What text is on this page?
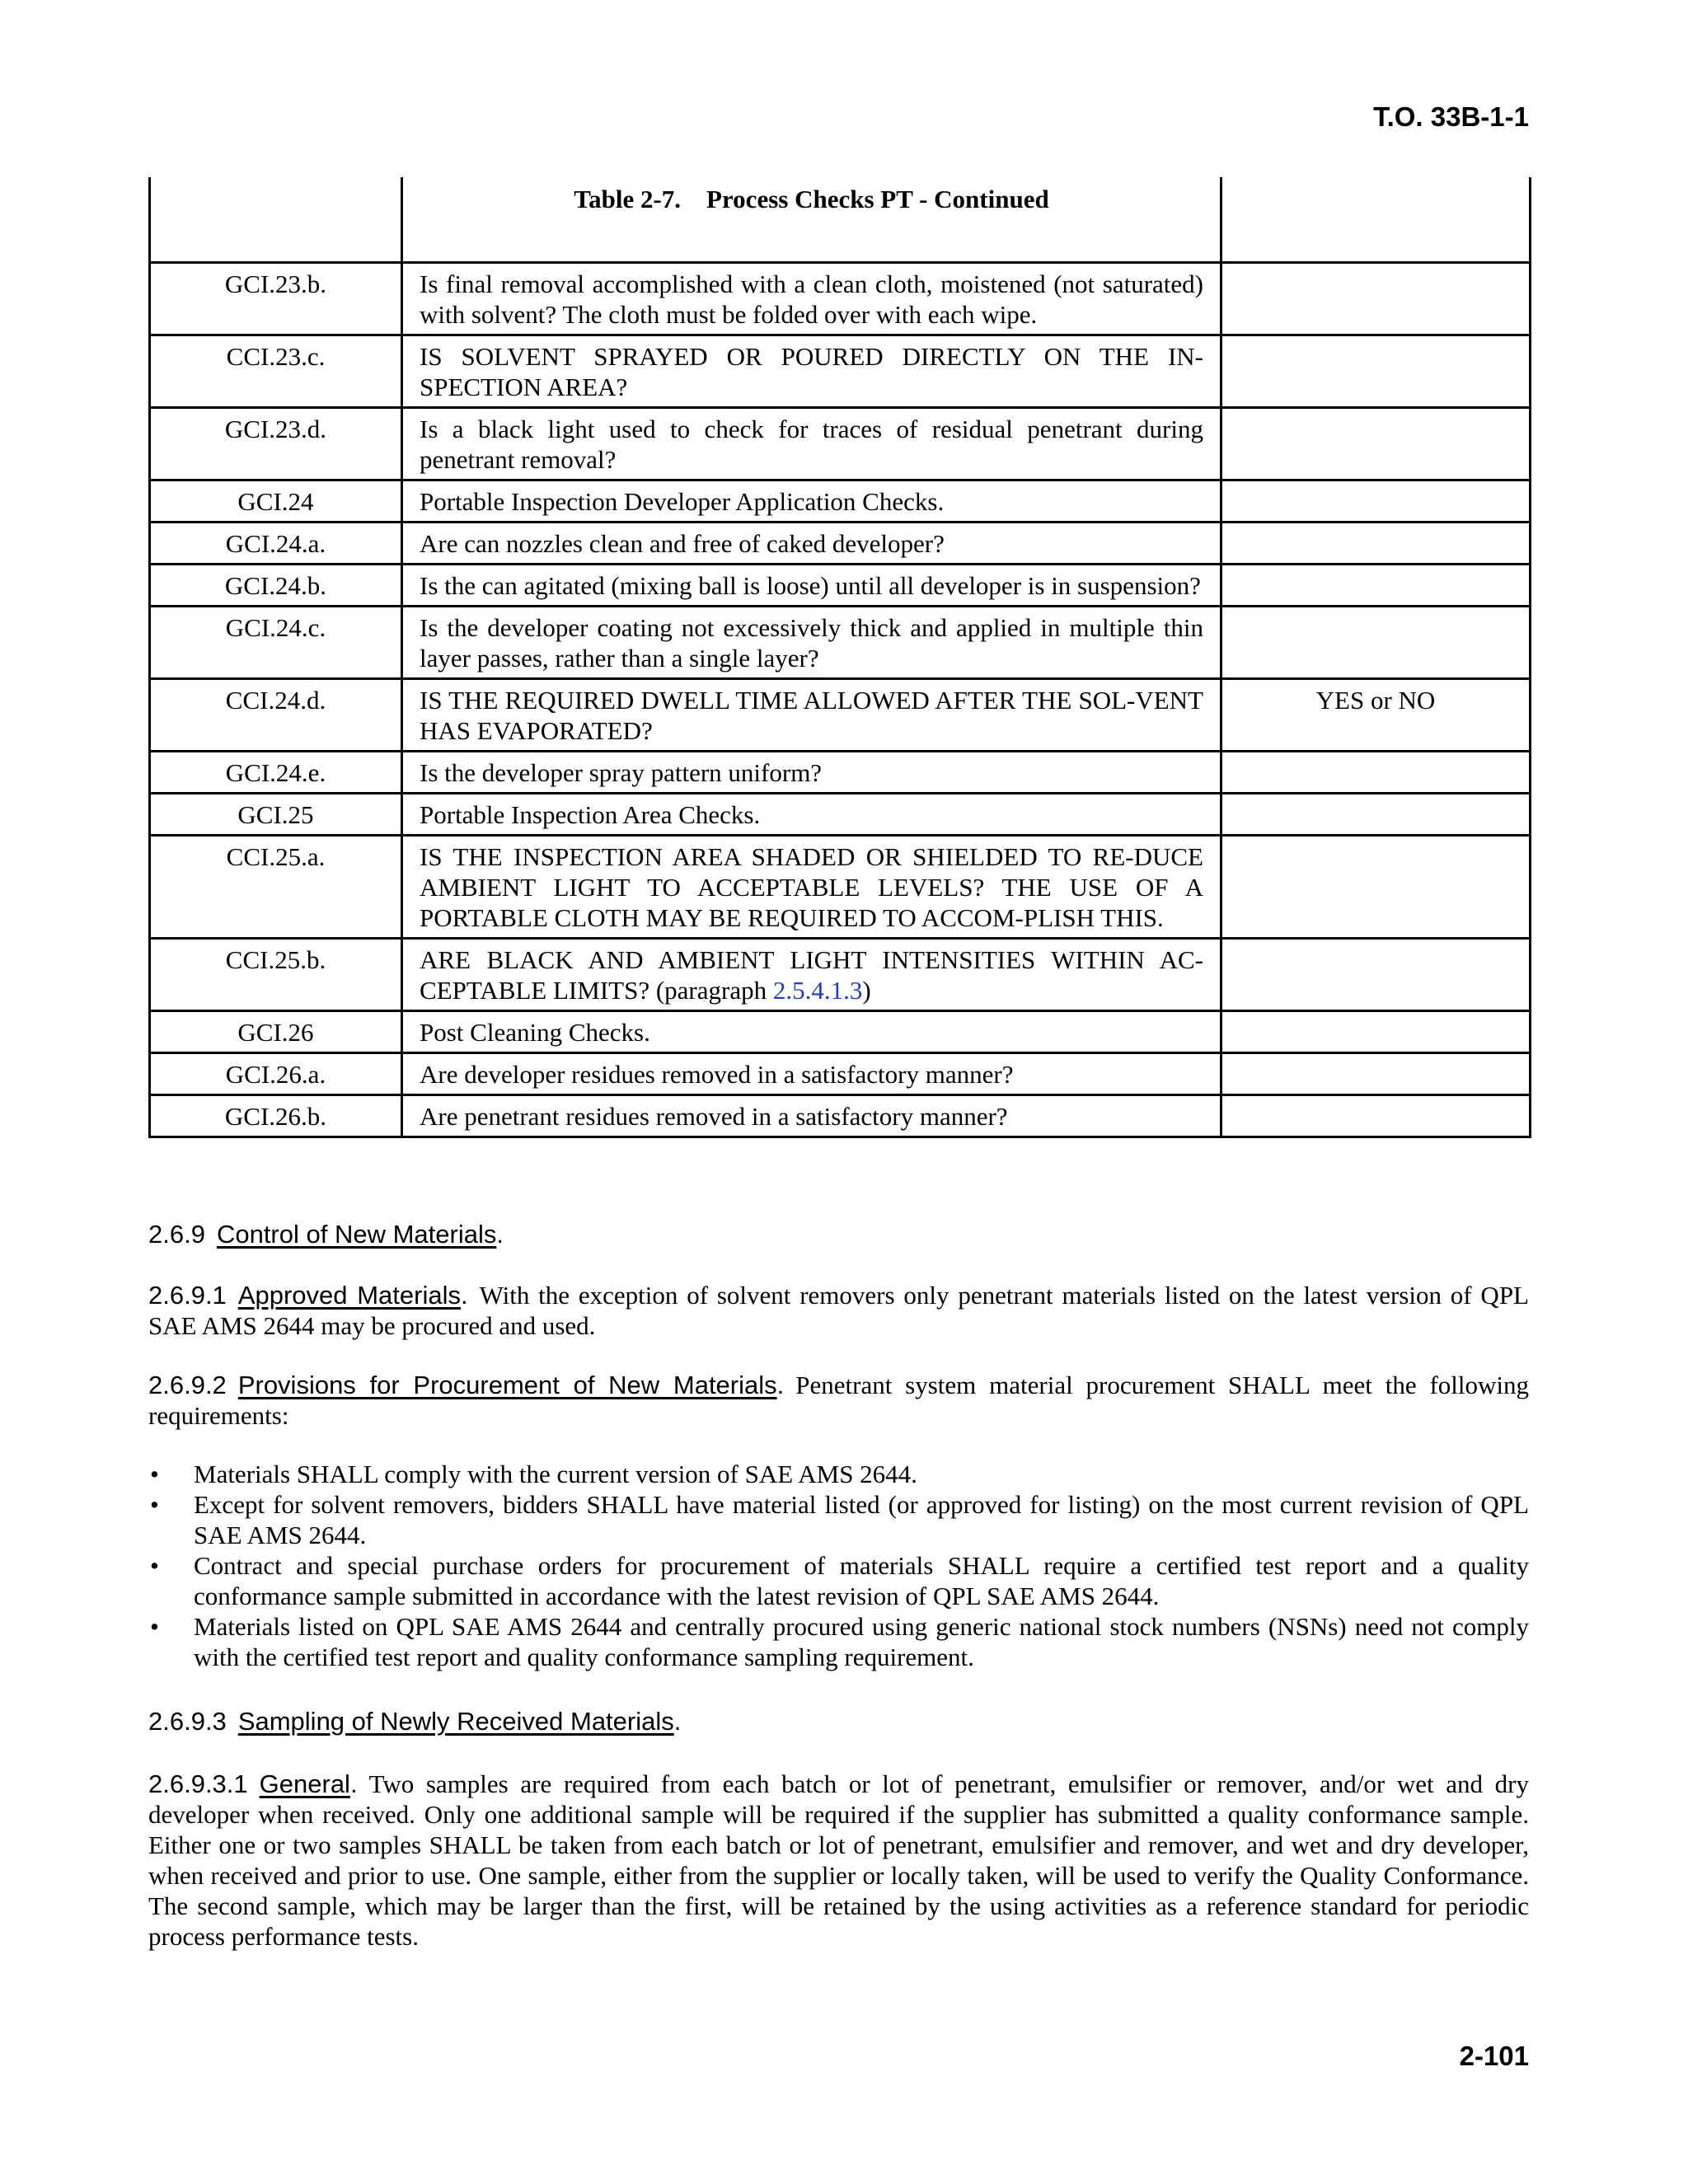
T.O. 33B-1-1
	Table 2-7.    Process Checks PT - Continued	
GCI.23.b.	Is final removal accomplished with a clean cloth, moistened (not saturated) with solvent? The cloth must be folded over with each wipe.	
CCI.23.c.	IS SOLVENT SPRAYED OR POURED DIRECTLY ON THE IN-SPECTION AREA?	
GCI.23.d.	Is a black light used to check for traces of residual penetrant during penetrant removal?	
GCI.24	Portable Inspection Developer Application Checks.	
GCI.24.a.	Are can nozzles clean and free of caked developer?	
GCI.24.b.	Is the can agitated (mixing ball is loose) until all developer is in suspension?	
GCI.24.c.	Is the developer coating not excessively thick and applied in multiple thin layer passes, rather than a single layer?	
CCI.24.d.	IS THE REQUIRED DWELL TIME ALLOWED AFTER THE SOL-VENT HAS EVAPORATED?	YES or NO
GCI.24.e.	Is the developer spray pattern uniform?	
GCI.25	Portable Inspection Area Checks.	
CCI.25.a.	IS THE INSPECTION AREA SHADED OR SHIELDED TO RE-DUCE AMBIENT LIGHT TO ACCEPTABLE LEVELS? THE USE OF A PORTABLE CLOTH MAY BE REQUIRED TO ACCOM-PLISH THIS.	
CCI.25.b.	ARE BLACK AND AMBIENT LIGHT INTENSITIES WITHIN AC-CEPTABLE LIMITS? (paragraph 2.5.4.1.3)	
GCI.26	Post Cleaning Checks.	
GCI.26.a.	Are developer residues removed in a satisfactory manner?	
GCI.26.b.	Are penetrant residues removed in a satisfactory manner?	
2.6.9 Control of New Materials.
2.6.9.1 Approved Materials. With the exception of solvent removers only penetrant materials listed on the latest version of QPL SAE AMS 2644 may be procured and used.
2.6.9.2 Provisions for Procurement of New Materials. Penetrant system material procurement SHALL meet the following requirements:
• Materials SHALL comply with the current version of SAE AMS 2644.
• Except for solvent removers, bidders SHALL have material listed (or approved for listing) on the most current revision of QPL SAE AMS 2644.
• Contract and special purchase orders for procurement of materials SHALL require a certified test report and a quality conformance sample submitted in accordance with the latest revision of QPL SAE AMS 2644.
• Materials listed on QPL SAE AMS 2644 and centrally procured using generic national stock numbers (NSNs) need not comply with the certified test report and quality conformance sampling requirement.
2.6.9.3 Sampling of Newly Received Materials.
2.6.9.3.1 General. Two samples are required from each batch or lot of penetrant, emulsifier or remover, and/or wet and dry developer when received. Only one additional sample will be required if the supplier has submitted a quality conformance sample. Either one or two samples SHALL be taken from each batch or lot of penetrant, emulsifier and remover, and wet and dry developer, when received and prior to use. One sample, either from the supplier or locally taken, will be used to verify the Quality Conformance. The second sample, which may be larger than the first, will be retained by the using activities as a reference standard for periodic process performance tests.
2-101
